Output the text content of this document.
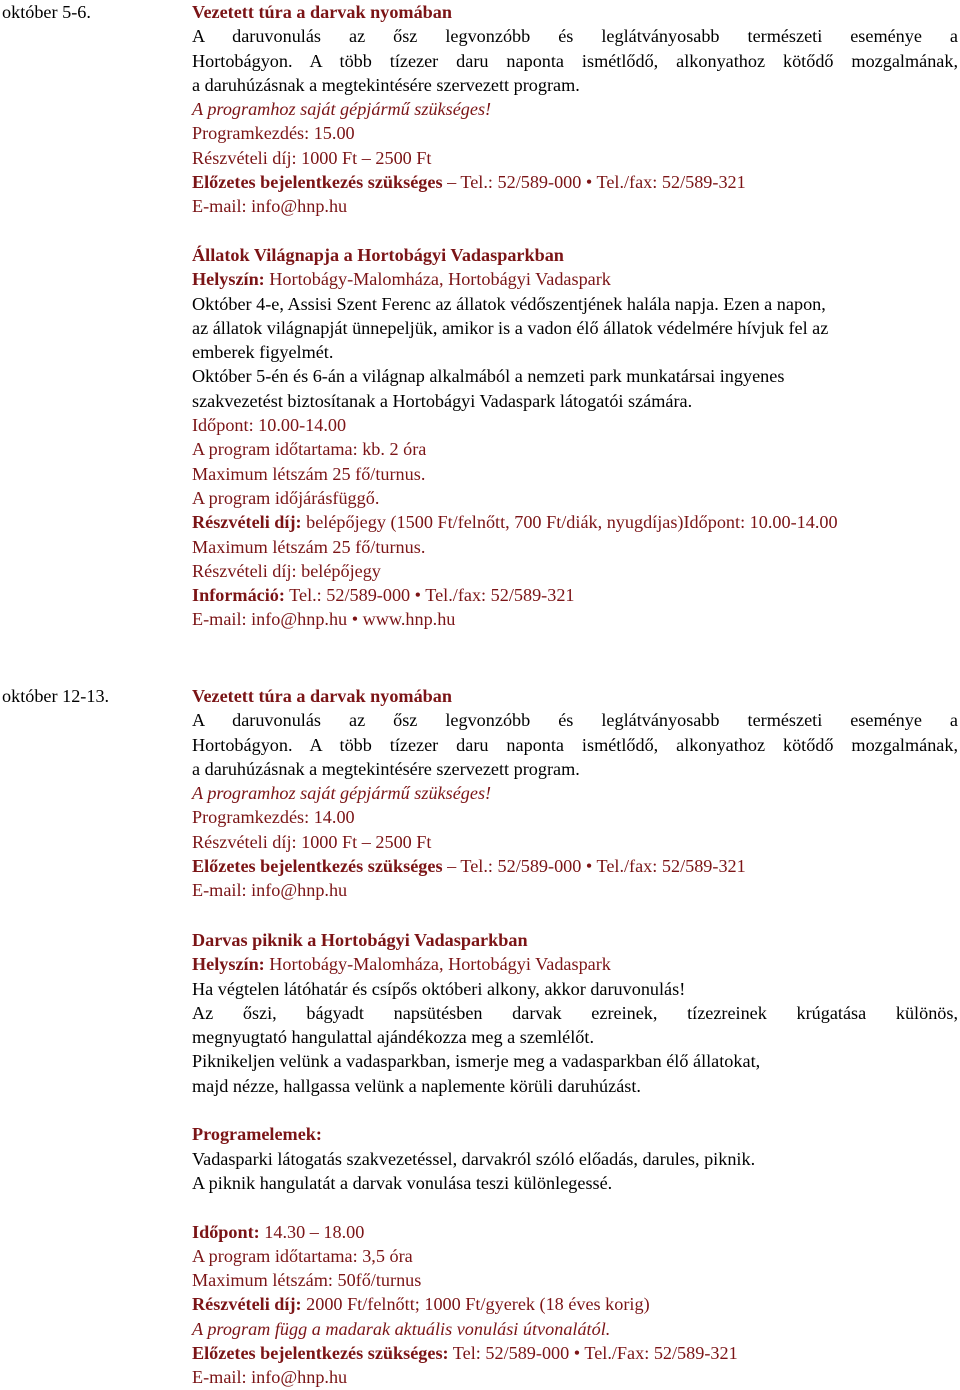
október 5-6.	Vezetett túra a darvak nyomában
A daruvonulás az ősz legvonzóbb és leglátványosabb természeti eseménye a
Hortobágyon. A több tízezer daru naponta ismétlődő, alkonyathoz kötődő mozgalmának,
a daruhúzásnak a megtekintésére szervezett program.
A programhoz saját gépjármű szükséges!
Programkezdés: 15.00
Részvételi díj: 1000 Ft – 2500 Ft
Előzetes bejelentkezés szükséges – Tel.: 52/589-000 • Tel./fax: 52/589-321
E-mail: info@hnp.hu
Állatok Világnapja a Hortobágyi Vadasparkban
Helyszín: Hortobágy-Malomháza, Hortobágyi Vadaspark
Október 4-e, Assisi Szent Ferenc az állatok védőszentjének halála napja. Ezen a napon,
az állatok világnapját ünnepeljük, amikor is a vadon élő állatok védelmére hívjuk fel az
emberek figyelmét.
Október 5-én és 6-án a világnap alkalmából a nemzeti park munkatársai ingyenes
szakvezetést biztosítanak a Hortobágyi Vadaspark látogatói számára.
Időpont: 10.00-14.00
A program időtartama: kb. 2 óra
Maximum létszám 25 fő/turnus.
A program időjárásfüggő.
Részvételi díj: belépőjegy (1500 Ft/felnőtt, 700 Ft/diák, nyugdíjas)Időpont: 10.00-14.00
Maximum létszám 25 fő/turnus.
Részvételi díj: belépőjegy
Információ: Tel.: 52/589-000 • Tel./fax: 52/589-321
E-mail: info@hnp.hu • www.hnp.hu
október 12-13.	Vezetett túra a darvak nyomában
A daruvonulás az ősz legvonzóbb és leglátványosabb természeti eseménye a
Hortobágyon. A több tízezer daru naponta ismétlődő, alkonyathoz kötődő mozgalmának,
a daruhúzásnak a megtekintésére szervezett program.
A programhoz saját gépjármű szükséges!
Programkezdés: 14.00
Részvételi díj: 1000 Ft – 2500 Ft
Előzetes bejelentkezés szükséges – Tel.: 52/589-000 • Tel./fax: 52/589-321
E-mail: info@hnp.hu
Darvas piknik a Hortobágyi Vadasparkban
Helyszín: Hortobágy-Malomháza, Hortobágyi Vadaspark
Ha végtelen látóhatár és csípős októberi alkony, akkor daruvonulás!
Az őszi, bágyadt napsütésben darvak ezreinek, tízezreinek krúgatása különös,
megnyugtató hangulattal ajándékozza meg a szemlélőt.
Piknikeljen velünk a vadasparkban, ismerje meg a vadasparkban élő állatokat,
majd nézze, hallgassa velünk a naplemente körüli daruhúzást.
Programelemek:
Vadasparki látogatás szakvezetéssel, darvakról szóló előadás, darules, piknik.
A piknik hangulatát a darvak vonulása teszi különlegessé.
Időpont: 14.30 – 18.00
A program időtartama: 3,5 óra
Maximum létszám: 50fő/turnus
Részvételi díj: 2000 Ft/felnőtt; 1000 Ft/gyerek (18 éves korig)
A program függ a madarak aktuális vonulási útvonalától.
Előzetes bejelentkezés szükséges: Tel: 52/589-000 • Tel./Fax: 52/589-321
E-mail: info@hnp.hu
